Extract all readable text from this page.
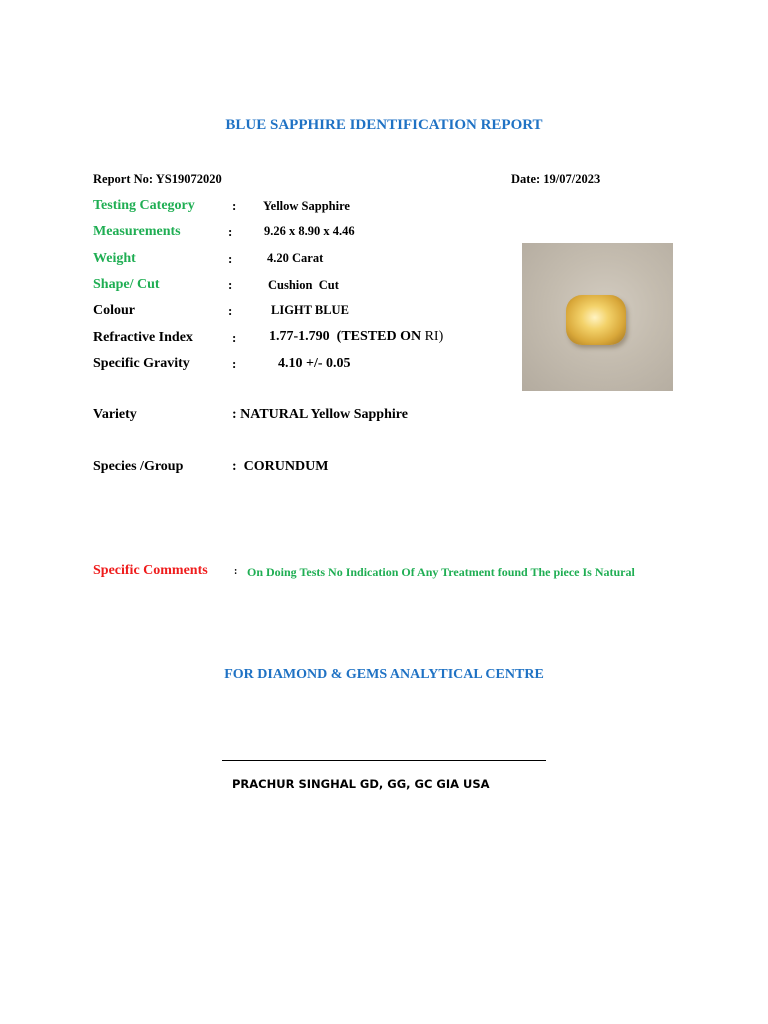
BLUE SAPPHIRE IDENTIFICATION REPORT
Report No: YS19072020	Date: 19/07/2023
Testing Category	: Yellow Sapphire
Measurements	:	9.26 x 8.90 x 4.46
Weight	:	4.20 Carat
Shape/ Cut	:	Cushion  Cut
Colour	:	LIGHT BLUE
Refractive Index	: 1.77-1.790  (TESTED ON RI)
Specific Gravity	:	4.10 +/- 0.05
Variety	: NATURAL Yellow Sapphire
Species /Group	:  CORUNDUM
Specific Comments	: On Doing Tests No Indication Of Any Treatment found The piece Is Natural
FOR DIAMOND & GEMS ANALYTICAL CENTRE
PRACHUR SINGHAL GD, GG, GC GIA USA
